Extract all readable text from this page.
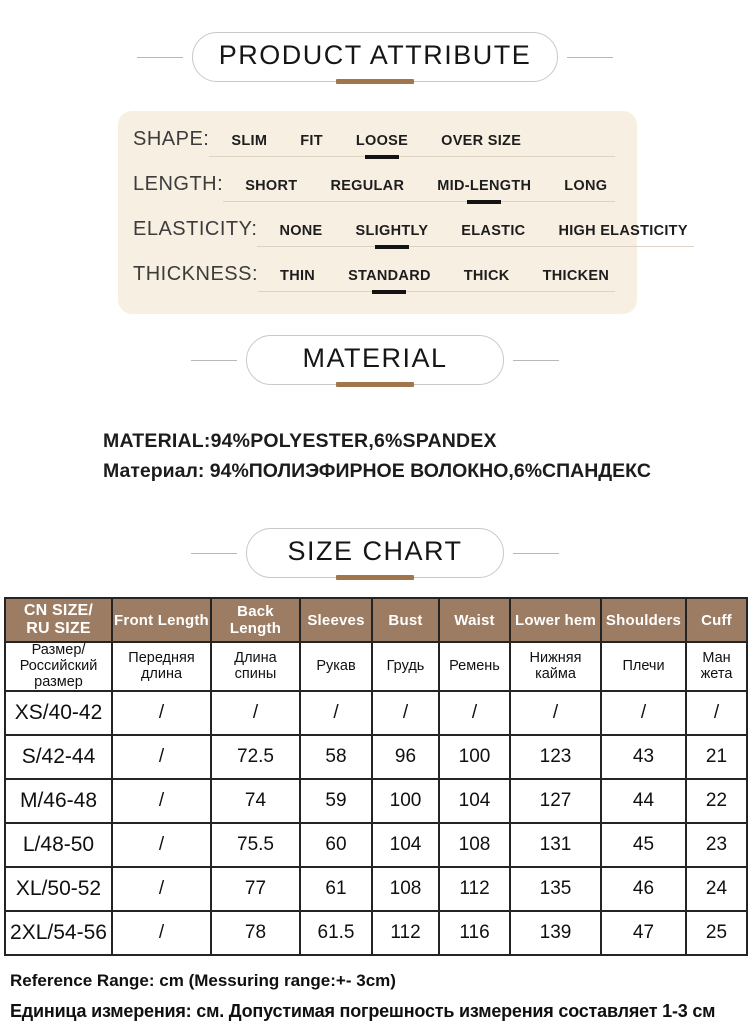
PRODUCT ATTRIBUTE
SHAPE: SLIM FIT LOOSE OVER SIZE
LENGTH: SHORT REGULAR MID-LENGTH LONG
ELASTICITY: NONE SLIGHTLY ELASTIC HIGH ELASTICITY
THICKNESS: THIN STANDARD THICK THICKEN
MATERIAL
MATERIAL:94%POLYESTER,6%SPANDEX
Материал: 94%ПОЛИЭФИРНОЕ ВОЛОКНО,6%СПАНДЕКС
SIZE CHART
CN SIZE/
RU SIZE	Front Length	Back Length	Sleeves	Bust	Waist	Lower hem	Shoulders	Cuff
Размер/
Российский
размер	Передняя
длина	Длина
спины	Рукав	Грудь	Ремень	Нижняя
кайма	Плечи	Ман
жета
XS/40-42	/	/	/	/	/	/	/	/
S/42-44	/	72.5	58	96	100	123	43	21
M/46-48	/	74	59	100	104	127	44	22
L/48-50	/	75.5	60	104	108	131	45	23
XL/50-52	/	77	61	108	112	135	46	24
2XL/54-56	/	78	61.5	112	116	139	47	25
Reference Range: cm (Messuring range:+- 3cm)
Единица измерения: см. Допустимая погрешность измерения составляет 1-3 см
